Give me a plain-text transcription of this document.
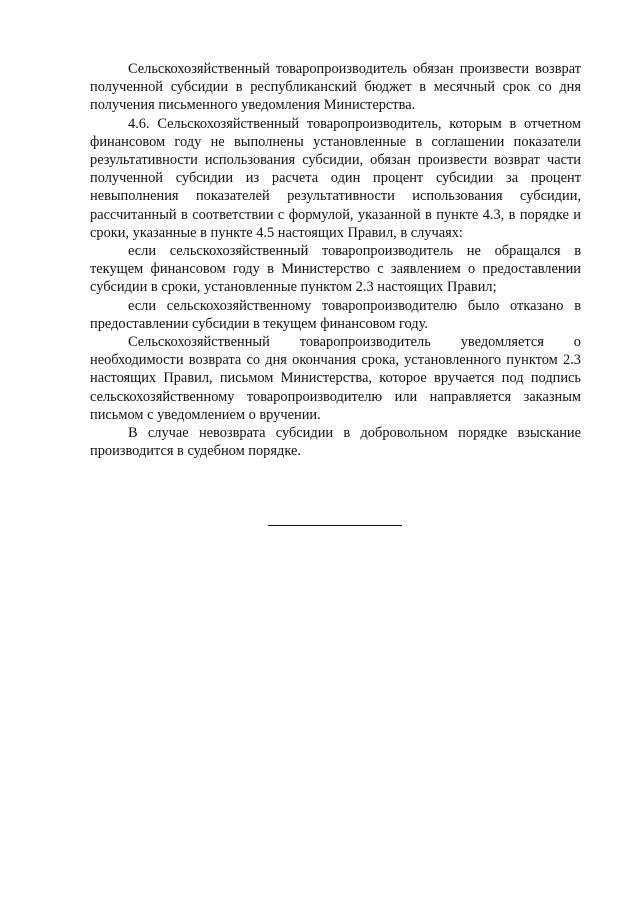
Сельскохозяйственный товаропроизводитель обязан произвести возврат полученной субсидии в республиканский бюджет в месячный срок со дня получения письменного уведомления Министерства.

4.6. Сельскохозяйственный товаропроизводитель, которым в отчетном финансовом году не выполнены установленные в соглашении показатели результативности использования субсидии, обязан произвести возврат части полученной субсидии из расчета один процент субсидии за процент невыполнения показателей результативности использования субсидии, рассчитанный в соответствии с формулой, указанной в пункте 4.3, в порядке и сроки, указанные в пункте 4.5 настоящих Правил, в случаях:

если сельскохозяйственный товаропроизводитель не обращался в текущем финансовом году в Министерство с заявлением о предоставлении субсидии в сроки, установленные пунктом 2.3 настоящих Правил;

если сельскохозяйственному товаропроизводителю было отказано в предоставлении субсидии в текущем финансовом году.

Сельскохозяйственный товаропроизводитель уведомляется о необходимости возврата со дня окончания срока, установленного пунктом 2.3 настоящих Правил, письмом Министерства, которое вручается под подпись сельскохозяйственному товаропроизводителю или направляется заказным письмом с уведомлением о вручении.

В случае невозврата субсидии в добровольном порядке взыскание производится в судебном порядке.
